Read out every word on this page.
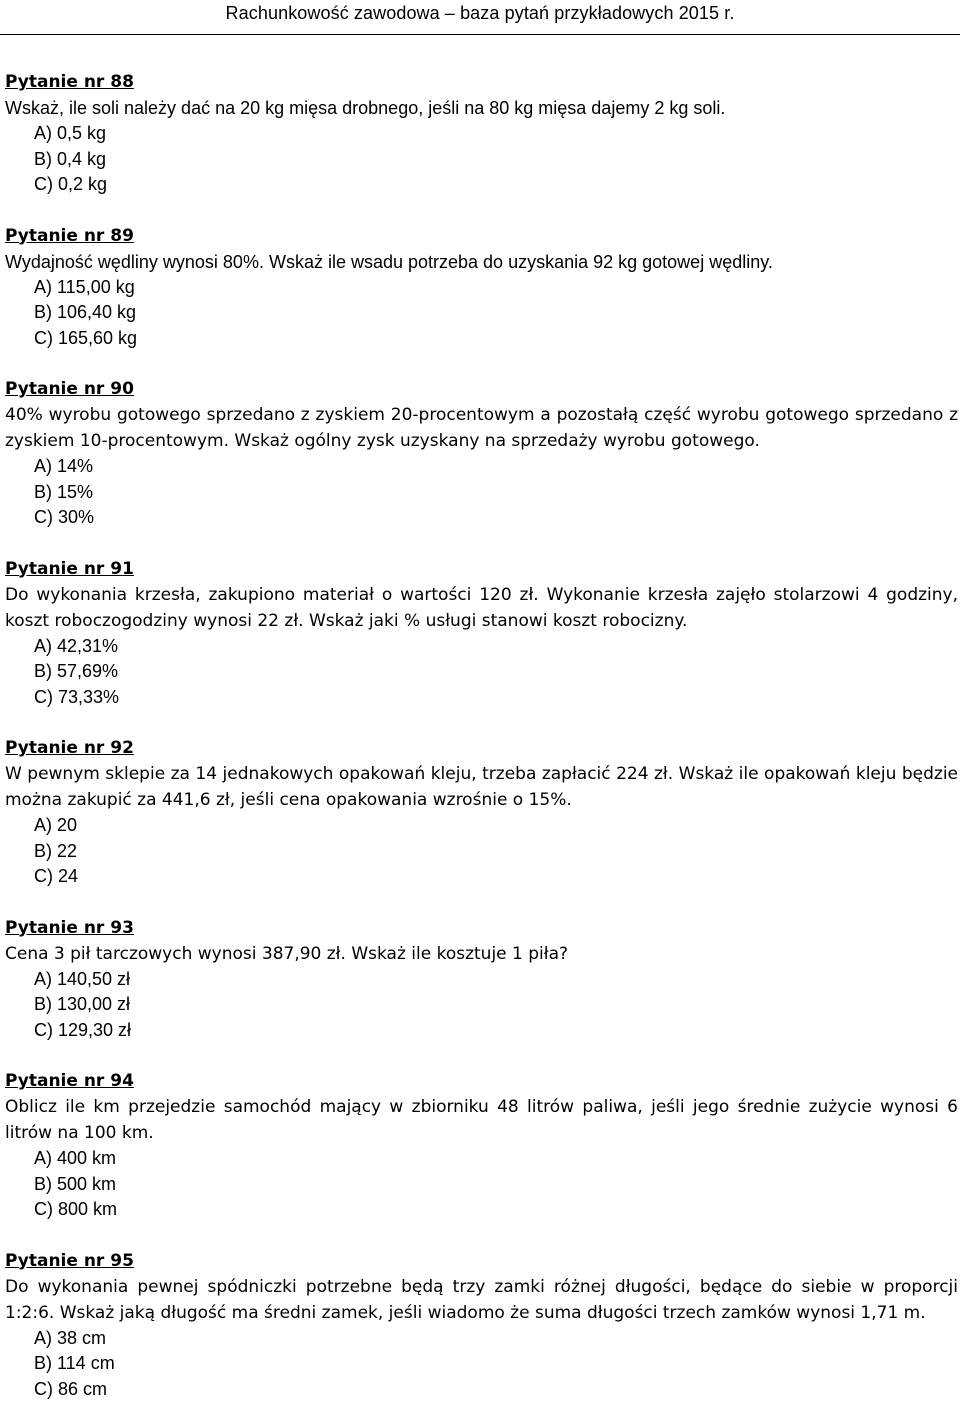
Rachunkowość zawodowa – baza pytań przykładowych 2015 r.
Pytanie nr 88
Wskaż, ile soli należy dać na 20 kg mięsa drobnego, jeśli na 80 kg mięsa dajemy 2 kg soli.
A) 0,5 kg
B) 0,4 kg
C) 0,2 kg
Pytanie nr 89
Wydajność wędliny wynosi 80%. Wskaż ile wsadu potrzeba do uzyskania 92 kg gotowej wędliny.
A) 115,00 kg
B) 106,40 kg
C) 165,60 kg
Pytanie nr 90
40% wyrobu gotowego sprzedano z zyskiem 20-procentowym a pozostałą część wyrobu gotowego sprzedano z zyskiem 10-procentowym. Wskaż ogólny zysk uzyskany na sprzedaży wyrobu gotowego.
A) 14%
B) 15%
C) 30%
Pytanie nr 91
Do wykonania krzesła, zakupiono materiał o wartości 120 zł. Wykonanie krzesła zajęło stolarzowi 4 godziny, koszt roboczogodziny wynosi 22 zł. Wskaż jaki % usługi stanowi koszt robocizny.
A) 42,31%
B) 57,69%
C) 73,33%
Pytanie nr 92
W pewnym sklepie za 14 jednakowych opakowań kleju, trzeba zapłacić 224 zł. Wskaż ile opakowań kleju będzie można zakupić za 441,6 zł, jeśli cena opakowania wzrośnie o 15%.
A) 20
B) 22
C) 24
Pytanie nr 93
Cena 3 pił tarczowych wynosi 387,90 zł. Wskaż ile kosztuje 1 piła?
A) 140,50 zł
B) 130,00 zł
C) 129,30 zł
Pytanie nr 94
Oblicz ile km przejedzie samochód mający w zbiorniku 48 litrów paliwa, jeśli jego średnie zużycie wynosi 6 litrów na 100 km.
A) 400 km
B) 500 km
C) 800 km
Pytanie nr 95
Do wykonania pewnej spódniczki potrzebne będą trzy zamki różnej długości, będące do siebie w proporcji 1:2:6. Wskaż jaką długość ma średni zamek, jeśli wiadomo że suma długości trzech zamków wynosi 1,71 m.
A) 38 cm
B) 114 cm
C) 86 cm
